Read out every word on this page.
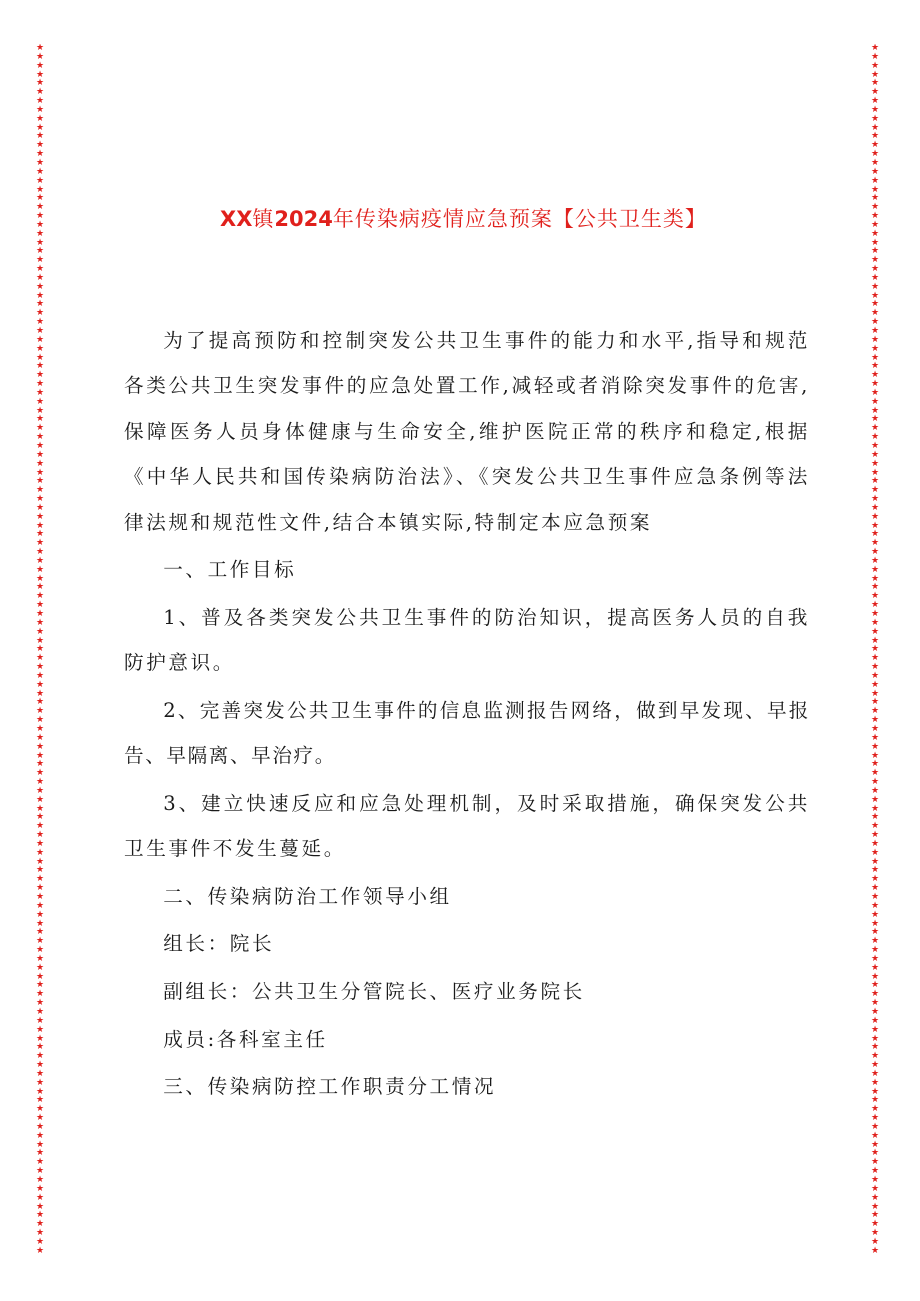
★
★
★
★
★
★
★
★
★
★
★
★
★
★
★
★
★
★
★
★
★
★
★
★
★
★
★
★
★
★
★
★
★
★
★
★
★
★
★
★
★
★
★
★
★
★
★
★
★
★
★
★
★
★
★
★
★
★
★
★
★
★
★
★
★
★
★
★
★
★
★
★
★
★
★
★
★
★
★
★
★
★
★
★
★
★
★
★
★
★
★
★
★
★
★
★
★
★
★
★
★
★
★
★
★
★
★
★
★
★
★
★
★
★
★
★
★
★
★
★
★
★
★
★
★
★
★
★
★
★
★
★
★
★
★
★
★
★
★
★
★
★
★
★
★
★
★
★
★
★
★
★
★
★
★
★
★
★
★
★
★
★
★
★
★
★
★
★
★
★
★
★
★
★
★
★
★
★
★
★
★
★
★
★
★
★
★
★
★
★
★
★
★
★
★
★
★
★
★
★
★
★
★
★
★
★
★
★
★
★
★
★
★
★
★
★
★
★
★
★
★
★
★
★
★
★
★
★
★
★
★
★
★
★
★
★
★
★
★
★
★
★
★
★
★
★
★
★
★
★
★
★
★
★
★
★
★
★
★
★
★
★
★
★
★
★
★
★
★
★
★
★
★
★
XX镇2024年传染病疫情应急预案【公共卫生类】

为了提高预防和控制突发公共卫生事件的能力和水平,指导和规范各类公共卫生突发事件的应急处置工作,减轻或者消除突发事件的危害,保障医务人员身体健康与生命安全,维护医院正常的秩序和稳定,根据《中华人民共和国传染病防治法》、《突发公共卫生事件应急条例等法律法规和规范性文件,结合本镇实际,特制定本应急预案

一、工作目标

1、普及各类突发公共卫生事件的防治知识，提高医务人员的自我防护意识。

2、完善突发公共卫生事件的信息监测报告网络，做到早发现、早报告、早隔离、早治疗。

3、建立快速反应和应急处理机制，及时采取措施，确保突发公共卫生事件不发生蔓延。

二、传染病防治工作领导小组

组长：院长

副组长：公共卫生分管院长、医疗业务院长

成员:各科室主任

三、传染病防控工作职责分工情况
